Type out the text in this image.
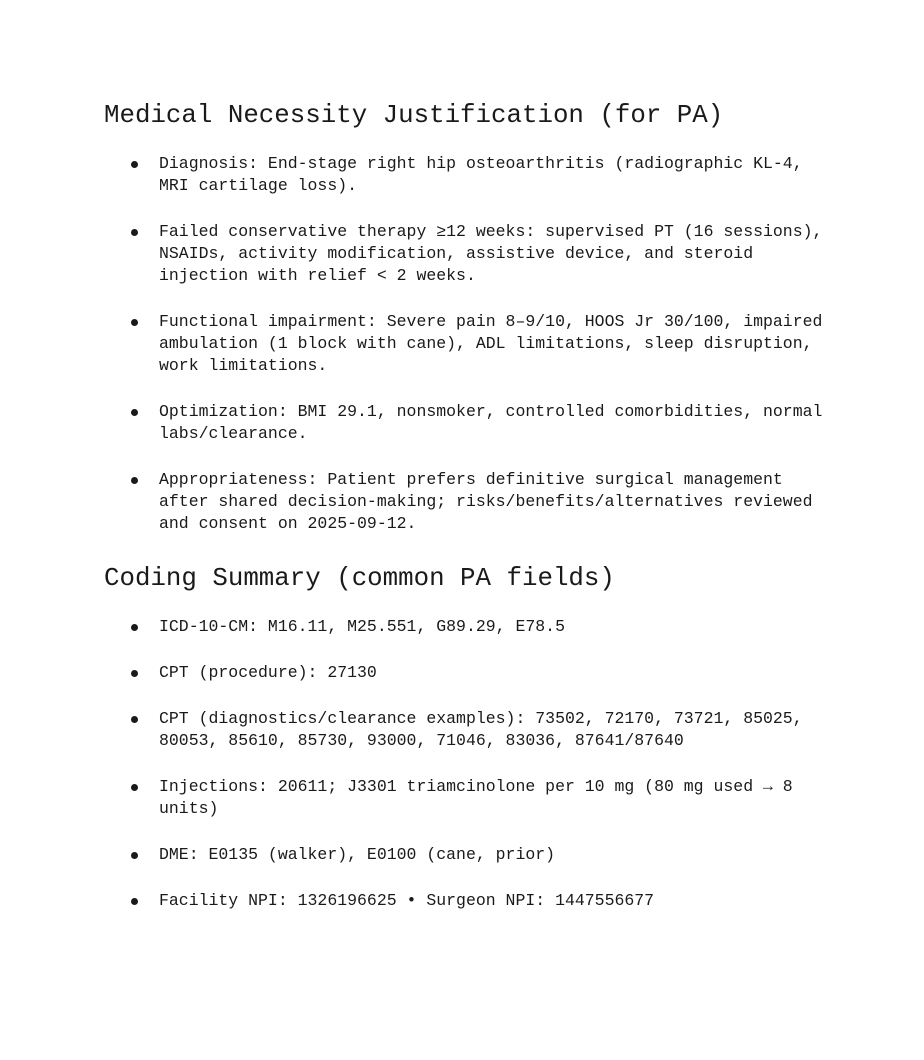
Medical Necessity Justification (for PA)
Diagnosis: End-stage right hip osteoarthritis (radiographic KL-4, MRI cartilage loss).
Failed conservative therapy ≥12 weeks: supervised PT (16 sessions), NSAIDs, activity modification, assistive device, and steroid injection with relief < 2 weeks.
Functional impairment: Severe pain 8–9/10, HOOS Jr 30/100, impaired ambulation (1 block with cane), ADL limitations, sleep disruption, work limitations.
Optimization: BMI 29.1, nonsmoker, controlled comorbidities, normal labs/clearance.
Appropriateness: Patient prefers definitive surgical management after shared decision-making; risks/benefits/alternatives reviewed and consent on 2025-09-12.
Coding Summary (common PA fields)
ICD-10-CM: M16.11, M25.551, G89.29, E78.5
CPT (procedure): 27130
CPT (diagnostics/clearance examples): 73502, 72170, 73721, 85025, 80053, 85610, 85730, 93000, 71046, 83036, 87641/87640
Injections: 20611; J3301 triamcinolone per 10 mg (80 mg used → 8 units)
DME: E0135 (walker), E0100 (cane, prior)
Facility NPI: 1326196625 • Surgeon NPI: 1447556677
